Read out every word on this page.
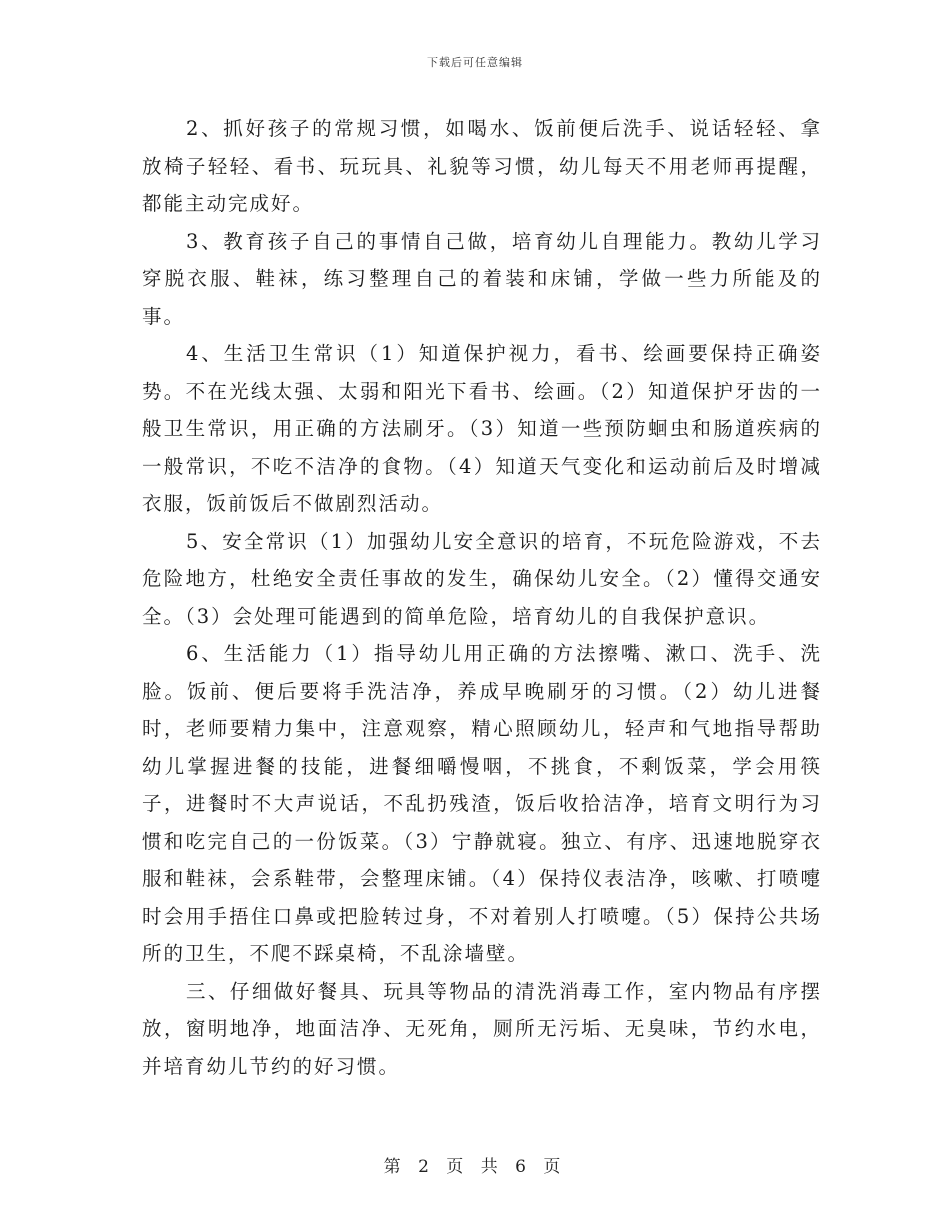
下载后可任意编辑

2、抓好孩子的常规习惯，如喝水、饭前便后洗手、说话轻轻、拿放椅子轻轻、看书、玩玩具、礼貌等习惯，幼儿每天不用老师再提醒，都能主动完成好。

3、教育孩子自己的事情自己做，培育幼儿自理能力。教幼儿学习穿脱衣服、鞋袜，练习整理自己的着装和床铺，学做一些力所能及的事。

4、生活卫生常识（1）知道保护视力，看书、绘画要保持正确姿势。不在光线太强、太弱和阳光下看书、绘画。（2）知道保护牙齿的一般卫生常识，用正确的方法刷牙。（3）知道一些预防蛔虫和肠道疾病的一般常识，不吃不洁净的食物。（4）知道天气变化和运动前后及时增减衣服，饭前饭后不做剧烈活动。

5、安全常识（1）加强幼儿安全意识的培育，不玩危险游戏，不去危险地方，杜绝安全责任事故的发生，确保幼儿安全。（2）懂得交通安全。（3）会处理可能遇到的简单危险，培育幼儿的自我保护意识。

6、生活能力（1）指导幼儿用正确的方法擦嘴、漱口、洗手、洗脸。饭前、便后要将手洗洁净，养成早晚刷牙的习惯。（2）幼儿进餐时，老师要精力集中，注意观察，精心照顾幼儿，轻声和气地指导帮助幼儿掌握进餐的技能，进餐细嚼慢咽，不挑食，不剩饭菜，学会用筷子，进餐时不大声说话，不乱扔残渣，饭后收拾洁净，培育文明行为习惯和吃完自己的一份饭菜。（3）宁静就寝。独立、有序、迅速地脱穿衣服和鞋袜，会系鞋带，会整理床铺。（4）保持仪表洁净，咳嗽、打喷嚏时会用手捂住口鼻或把脸转过身，不对着别人打喷嚏。（5）保持公共场所的卫生，不爬不踩桌椅，不乱涂墙壁。

三、仔细做好餐具、玩具等物品的清洗消毒工作，室内物品有序摆放，窗明地净，地面洁净、无死角，厕所无污垢、无臭味，节约水电，并培育幼儿节约的好习惯。

第 2 页 共 6 页
